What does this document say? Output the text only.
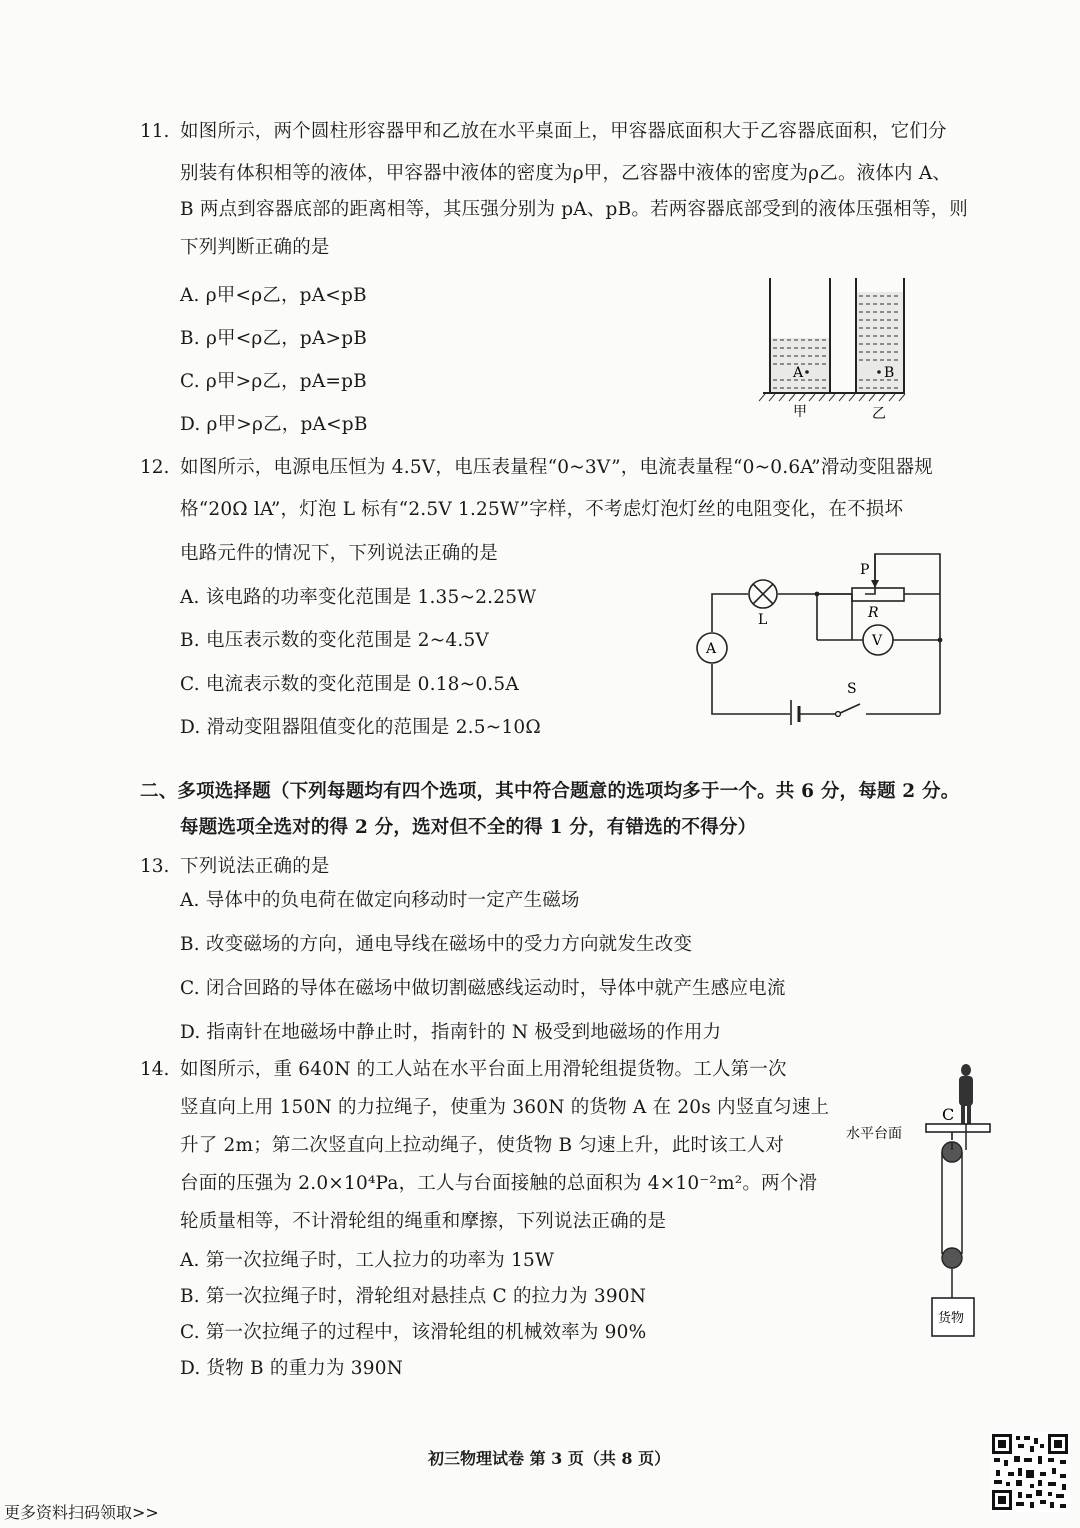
11. 如图所示，两个圆柱形容器甲和乙放在水平桌面上，甲容器底面积大于乙容器底面积，它们分
别装有体积相等的液体，甲容器中液体的密度为ρ甲，乙容器中液体的密度为ρ乙。液体内 A、
B 两点到容器底部的距离相等，其压强分别为 pA、pB。若两容器底部受到的液体压强相等，则
下列判断正确的是
A. ρ甲<ρ乙，pA<pB
B. ρ甲<ρ乙，pA>pB
C. ρ甲>ρ乙，pA=pB
D. ρ甲>ρ乙，pA<pB
A	B
甲	乙
12. 如图所示，电源电压恒为 4.5V，电压表量程“0~3V”，电流表量程“0~0.6A”滑动变阻器规
格“20Ω lA”，灯泡 L 标有“2.5V 1.25W”字样，不考虑灯泡灯丝的电阻变化，在不损坏
电路元件的情况下，下列说法正确的是
A. 该电路的功率变化范围是 1.35~2.25W
B. 电压表示数的变化范围是 2~4.5V
C. 电流表示数的变化范围是 0.18~0.5A
D. 滑动变阻器阻值变化的范围是 2.5~10Ω
P
R
L
A	V
S
二、多项选择题（下列每题均有四个选项，其中符合题意的选项均多于一个。共 6 分，每题 2 分。
每题选项全选对的得 2 分，选对但不全的得 1 分，有错选的不得分）
13. 下列说法正确的是
A. 导体中的负电荷在做定向移动时一定产生磁场
B. 改变磁场的方向，通电导线在磁场中的受力方向就发生改变
C. 闭合回路的导体在磁场中做切割磁感线运动时，导体中就产生感应电流
D. 指南针在地磁场中静止时，指南针的 N 极受到地磁场的作用力
14. 如图所示，重 640N 的工人站在水平台面上用滑轮组提货物。工人第一次
竖直向上用 150N 的力拉绳子，使重为 360N 的货物 A 在 20s 内竖直匀速上
升了 2m；第二次竖直向上拉动绳子，使货物 B 匀速上升，此时该工人对
台面的压强为 2.0×10⁴Pa，工人与台面接触的总面积为 4×10⁻²m²。两个滑
轮质量相等，不计滑轮组的绳重和摩擦，下列说法正确的是
A. 第一次拉绳子时，工人拉力的功率为 15W
B. 第一次拉绳子时，滑轮组对悬挂点 C 的拉力为 390N
C. 第一次拉绳子的过程中，该滑轮组的机械效率为 90%
D. 货物 B 的重力为 390N
水平台面
C
货物
初三物理试卷 第 3 页（共 8 页）
更多资料扫码领取>>
